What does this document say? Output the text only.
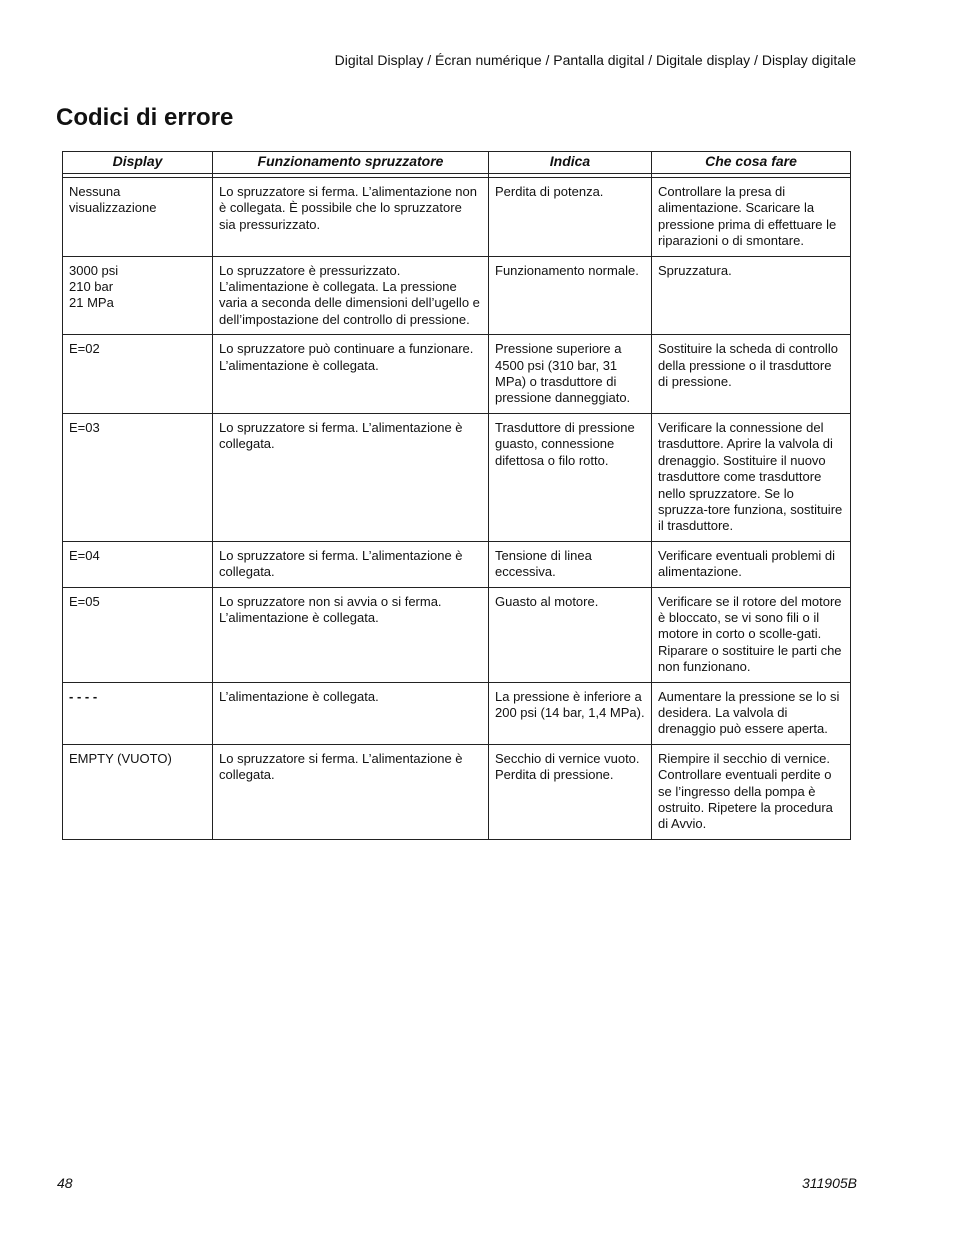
Digital Display / Écran numérique / Pantalla digital / Digitale display / Display digitale
Codici di errore
Display	Funzionamento spruzzatore	Indica	Che cosa fare

Nessuna
visualizzazione	Lo spruzzatore si ferma. L’alimentazione non è collegata. È possibile che lo spruzzatore sia pressurizzato.	Perdita di potenza.	Controllare la presa di alimentazione. Scaricare la pressione prima di effettuare le riparazioni o di smontare.

3000 psi
210 bar
21 MPa	Lo spruzzatore è pressurizzato. L’alimentazione è collegata. La pressione varia a seconda delle dimensioni dell’ugello e dell’impostazione del controllo di pressione.	Funzionamento normale.	Spruzzatura.

E=02	Lo spruzzatore può continuare a funzionare. L’alimentazione è collegata.	Pressione superiore a 4500 psi (310 bar, 31 MPa) o trasduttore di pressione danneggiato.	Sostituire la scheda di controllo della pressione o il trasduttore di pressione.

E=03	Lo spruzzatore si ferma. L’alimentazione è collegata.	Trasduttore di pressione guasto, connessione difettosa o filo rotto.	Verificare la connessione del trasduttore. Aprire la valvola di drenaggio. Sostituire il nuovo trasduttore come trasduttore nello spruzzatore. Se lo spruzza-tore funziona, sostituire il trasduttore.

E=04	Lo spruzzatore si ferma. L’alimentazione è collegata.	Tensione di linea eccessiva.	Verificare eventuali problemi di alimentazione.

E=05	Lo spruzzatore non si avvia o si ferma. L’alimentazione è collegata.	Guasto al motore.	Verificare se il rotore del motore è bloccato, se vi sono fili o il motore in corto o scolle-gati. Riparare o sostituire le parti che non funzionano.

- - - -	L’alimentazione è collegata.	La pressione è inferiore a 200 psi (14 bar, 1,4 MPa).	Aumentare la pressione se lo si desidera. La valvola di drenaggio può essere aperta.

EMPTY (VUOTO)	Lo spruzzatore si ferma. L’alimentazione è collegata.	Secchio di vernice vuoto. Perdita di pressione.	Riempire il secchio di vernice. Controllare eventuali perdite o se l’ingresso della pompa è ostruito. Ripetere la procedura di Avvio.
48	311905B
